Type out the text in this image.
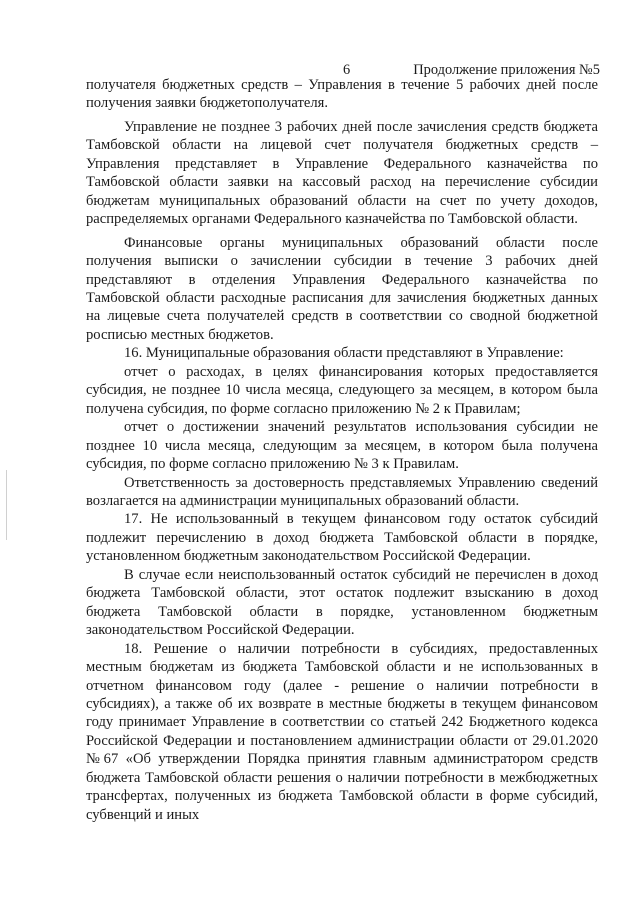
6	Продолжение приложения №5

получателя бюджетных средств – Управления в течение 5 рабочих дней после получения заявки бюджетополучателя.

Управление не позднее 3 рабочих дней после зачисления средств бюджета Тамбовской области на лицевой счет получателя бюджетных средств – Управления представляет в Управление Федерального казначейства по Тамбовской области заявки на кассовый расход на перечисление субсидии бюджетам муниципальных образований области на счет по учету доходов, распределяемых органами Федерального казначейства по Тамбовской области.

Финансовые органы муниципальных образований области после получения выписки о зачислении субсидии в течение 3 рабочих дней представляют в отделения Управления Федерального казначейства по Тамбовской области расходные расписания для зачисления бюджетных данных на лицевые счета получателей средств в соответствии со сводной бюджетной росписью местных бюджетов.

16. Муниципальные образования области представляют в Управление:

отчет о расходах, в целях финансирования которых предоставляется субсидия, не позднее 10 числа месяца, следующего за месяцем, в котором была получена субсидия, по форме согласно приложению № 2 к Правилам;

отчет о достижении значений результатов использования субсидии не позднее 10 числа месяца, следующим за месяцем, в котором была получена субсидия, по форме согласно приложению № 3 к Правилам.

Ответственность за достоверность представляемых Управлению сведений возлагается на администрации муниципальных образований области.

17. Не использованный в текущем финансовом году остаток субсидий подлежит перечислению в доход бюджета Тамбовской области в порядке, установленном бюджетным законодательством Российской Федерации.

В случае если неиспользованный остаток субсидий не перечислен в доход бюджета Тамбовской области, этот остаток подлежит взысканию в доход бюджета Тамбовской области в порядке, установленном бюджетным законодательством Российской Федерации.

18. Решение о наличии потребности в субсидиях, предоставленных местным бюджетам из бюджета Тамбовской области и не использованных в отчетном финансовом году (далее - решение о наличии потребности в субсидиях), а также об их возврате в местные бюджеты в текущем финансовом году принимает Управление в соответствии со статьей 242 Бюджетного кодекса Российской Федерации и постановлением администрации области от 29.01.2020 №67 «Об утверждении Порядка принятия главным администратором средств бюджета Тамбовской области решения о наличии потребности в межбюджетных трансфертах, полученных из бюджета Тамбовской области в форме субсидий, субвенций и иных
